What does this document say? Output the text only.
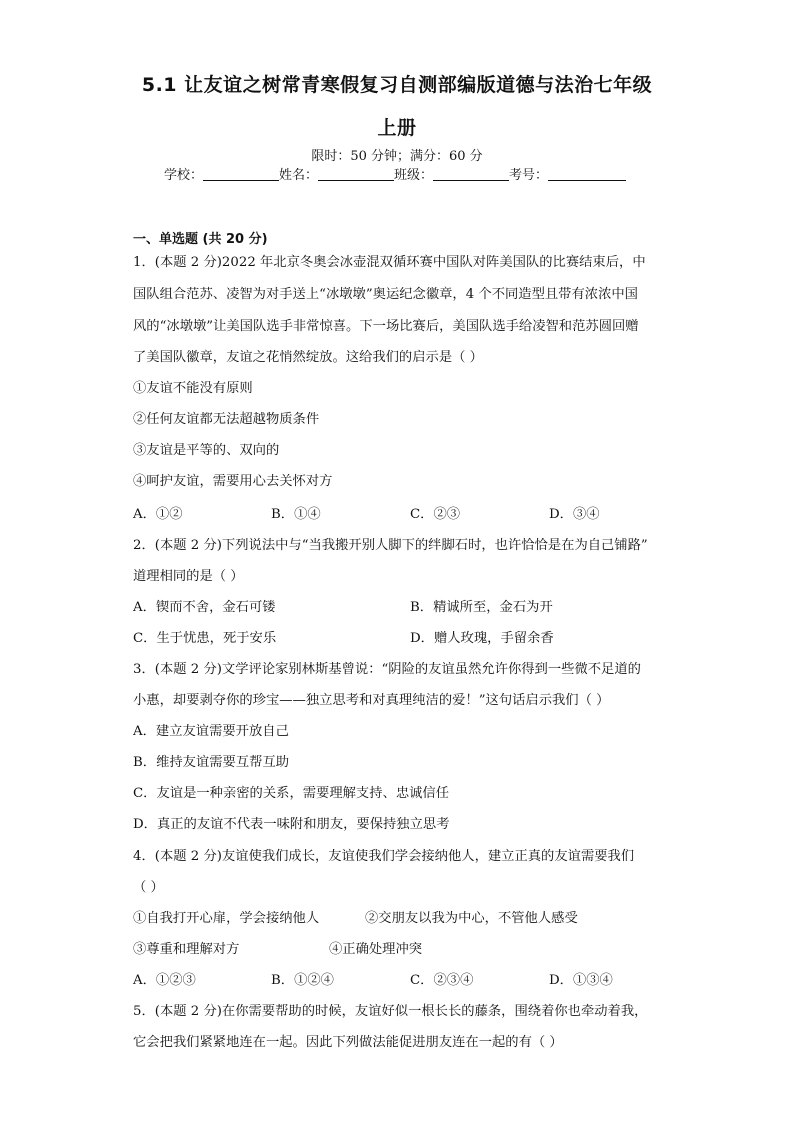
5.1 让友谊之树常青寒假复习自测部编版道德与法治七年级
上册
限时：50 分钟；满分：60 分
学校：	姓名：	班级：	考号：
一、单选题 (共 20 分)
1．(本题 2 分)2022 年北京冬奥会冰壶混双循环赛中国队对阵美国队的比赛结束后，中
国队组合范苏、凌智为对手送上“冰墩墩”奥运纪念徽章，4 个不同造型且带有浓浓中国
风的“冰墩墩”让美国队选手非常惊喜。下一场比赛后，美国队选手给凌智和范苏圆回赠
了美国队徽章，友谊之花悄然绽放。这给我们的启示是（ ）
①友谊不能没有原则
②任何友谊都无法超越物质条件
③友谊是平等的、双向的
④呵护友谊，需要用心去关怀对方
A．①②	B．①④	C．②③	D．③④
2．(本题 2 分)下列说法中与“当我搬开别人脚下的绊脚石时，也许恰恰是在为自己铺路”
道理相同的是（ ）
A．锲而不舍，金石可镂	B．精诚所至，金石为开
C．生于忧患，死于安乐	D．赠人玫瑰，手留余香
3．(本题 2 分)文学评论家别林斯基曾说：“阴险的友谊虽然允许你得到一些微不足道的
小惠，却要剥夺你的珍宝——独立思考和对真理纯洁的爱！”这句话启示我们（ ）
A．建立友谊需要开放自己
B．维持友谊需要互帮互助
C．友谊是一种亲密的关系，需要理解支持、忠诚信任
D．真正的友谊不代表一味附和朋友，要保持独立思考
4．(本题 2 分)友谊使我们成长，友谊使我们学会接纳他人，建立正真的友谊需要我们
（ ）
①自我打开心扉，学会接纳他人	②交朋友以我为中心，不管他人感受
③尊重和理解对方	④正确处理冲突
A．①②③	B．①②④	C．②③④	D．①③④
5．(本题 2 分)在你需要帮助的时候，友谊好似一根长长的藤条，围绕着你也牵动着我，
它会把我们紧紧地连在一起。因此下列做法能促进朋友连在一起的有（ ）
